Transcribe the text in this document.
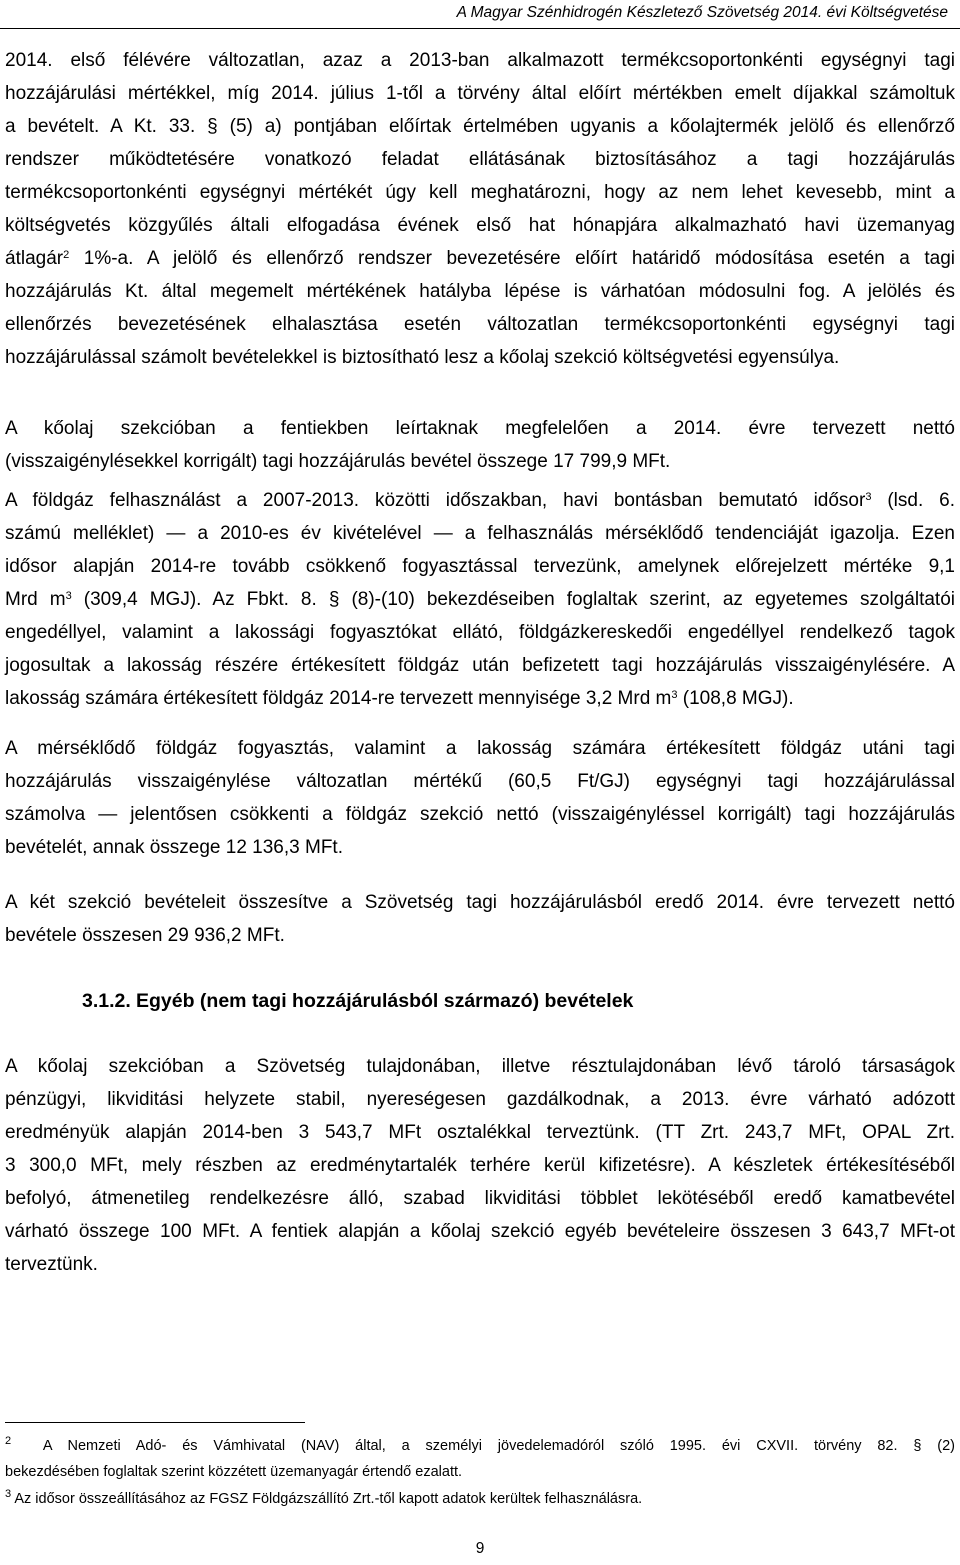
A Magyar Szénhidrogén Készletező Szövetség 2014. évi Költségvetése
2014. első félévére változatlan, azaz a 2013-ban alkalmazott termékcsoportonkénti egységnyi tagi
hozzájárulási mértékkel, míg 2014. július 1-től a törvény által előírt mértékben emelt díjakkal számoltuk
a bevételt. A Kt. 33. § (5) a) pontjában előírtak értelmében ugyanis a kőolajtermék jelölő és ellenőrző
rendszer működtetésére vonatkozó feladat ellátásának biztosításához a tagi hozzájárulás
termékcsoportonkénti egységnyi mértékét úgy kell meghatározni, hogy az nem lehet kevesebb, mint a
költségvetés közgyűlés általi elfogadása évének első hat hónapjára alkalmazható havi üzemanyag
átlagár$^2$ 1%-a. A jelölő és ellenőrző rendszer bevezetésére előírt határidő módosítása esetén a tagi
hozzájárulás Kt. által megemelt mértékének hatályba lépése is várhatóan módosulni fog. A jelölés és
ellenőrzés bevezetésének elhalasztása esetén változatlan termékcsoportonkénti egységnyi tagi
hozzájárulással számolt bevételekkel is biztosítható lesz a kőolaj szekció költségvetési egyensúlya.
A kőolaj szekcióban a fentiekben leírtaknak megfelelően a 2014. évre tervezett nettó
(visszaigénylésekkel korrigált) tagi hozzájárulás bevétel összege 17 799,9 MFt.
A földgáz felhasználást a 2007-2013. közötti időszakban, havi bontásban bemutató idősor$^3$ (lsd. 6.
számú melléklet) — a 2010-es év kivételével — a felhasználás mérséklődő tendenciáját igazolja. Ezen
idősor alapján 2014-re tovább csökkenő fogyasztással tervezünk, amelynek előrejelzett mértéke 9,1
Mrd $m^3$ (309,4 MGJ). Az Fbkt. 8. § (8)-(10) bekezdéseiben foglaltak szerint, az egyetemes szolgáltatói
engedéllyel, valamint a lakossági fogyasztókat ellátó, földgázkereskedői engedéllyel rendelkező tagok
jogosultak a lakosság részére értékesített földgáz után befizetett tagi hozzájárulás visszaigénylésére. A
lakosság számára értékesített földgáz 2014-re tervezett mennyisége 3,2 Mrd $m^3$ (108,8 MGJ).
A mérséklődő földgáz fogyasztás, valamint a lakosság számára értékesített földgáz utáni tagi
hozzájárulás visszaigénylése változatlan mértékű (60,5 Ft/GJ) egységnyi tagi hozzájárulással
számolva — jelentősen csökkenti a földgáz szekció nettó (visszaigényléssel korrigált) tagi hozzájárulás
bevételét, annak összege 12 136,3 MFt.
A két szekció bevételeit összesítve a Szövetség tagi hozzájárulásból eredő 2014. évre tervezett nettó
bevétele összesen 29 936,2 MFt.
3.1.2. Egyéb (nem tagi hozzájárulásból származó) bevételek
A kőolaj szekcióban a Szövetség tulajdonában, illetve résztulajdonában lévő tároló társaságok
pénzügyi, likviditási helyzete stabil, nyereségesen gazdálkodnak, a 2013. évre várható adózott
eredményük alapján 2014-ben 3 543,7 MFt osztalékkal terveztünk. (TT Zrt. 243,7 MFt, OPAL Zrt.
3 300,0 MFt, mely részben az eredménytartalék terhére kerül kifizetésre). A készletek értékesítéséből
befolyó, átmenetileg rendelkezésre álló, szabad likviditási többlet lekötéséből eredő kamatbevétel
várható összege 100 MFt. A fentiek alapján a kőolaj szekció egyéb bevételeire összesen 3 643,7 MFt-ot
terveztünk.
$^2$ A Nemzeti Adó- és Vámhivatal (NAV) által, a személyi jövedelemadóról szóló 1995. évi CXVII. törvény 82. § (2)
bekezdésében foglaltak szerint közzétett üzemanyagár értendő ezalatt.
$^3$ Az idősor összeállításához az FGSZ Földgázszállító Zrt.-től kapott adatok kerültek felhasználásra.
9
